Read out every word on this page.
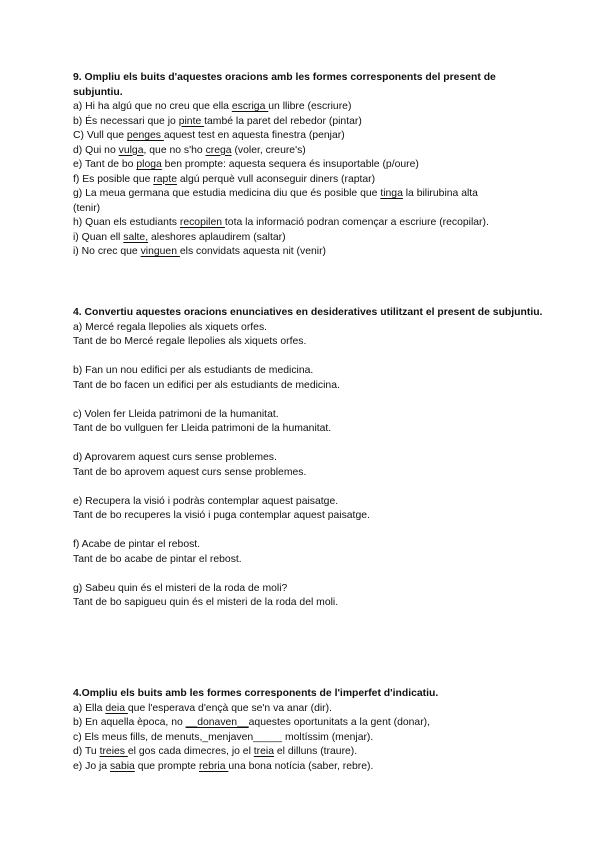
9. Ompliu els buits d'aquestes oracions amb les formes corresponents del present de subjuntiu.

a) Hi ha algú que no creu que ella escriga un llibre (escriure)

b) És necessari que jo pinte també la paret del rebedor (pintar)

C) Vull que penges aquest test en aquesta finestra (penjar)

d) Qui no vulga, que no s'ho crega (voler, creure's)

e) Tant de bo ploga ben prompte: aquesta sequera és insuportable (p/oure)

f) Es posible que rapte algú perquè vull aconseguir diners (raptar)

g) La meua germana que estudia medicina diu que és posible que tinga la bilirubina alta

(tenir)

h) Quan els estudiants recopilen tota la informació podran començar a escriure (recopilar).

i) Quan ell salte, aleshores aplaudirem (saltar)

i) No crec que vinguen els convidats aquesta nit (venir)

4. Convertiu aquestes oracions enunciatives en desideratives utilitzant el present de subjuntiu.

a) Mercé regala llepolies als xiquets orfes.

Tant de bo Mercé regale llepolies als xiquets orfes.

b) Fan un nou edifici per als estudiants de medicina.

Tant de bo facen un edifici per als estudiants de medicina.

c) Volen fer Lleida patrimoni de la humanitat.

Tant de bo vullguen fer Lleida patrimoni de la humanitat.

d) Aprovarem aquest curs sense problemes.

Tant de bo aprovem aquest curs sense problemes.

e) Recupera la visió i podràs contemplar aquest paisatge.

Tant de bo recuperes la visió i puga contemplar aquest paisatge.

f) Acabe de pintar el rebost.

Tant de bo acabe de pintar el rebost.

g) Sabeu quin és el misteri de la roda de moli?

Tant de bo sapigueu quin és el misteri de la roda del moli.

4.Ompliu els buits amb les formes corresponents de l'imperfet d'indicatiu.

a) Ella deia que l'esperava d'ençà que se'n va anar (dir).

b) En aquella època, no __donaven__aquestes oportunitats a la gent (donar),

c) Els meus fills, de menuts,_menjaven_____ moltíssim (menjar).

d) Tu treies el gos cada dimecres, jo el treia el dilluns (traure).

e) Jo ja sabia que prompte rebria una bona notícia (saber, rebre).
